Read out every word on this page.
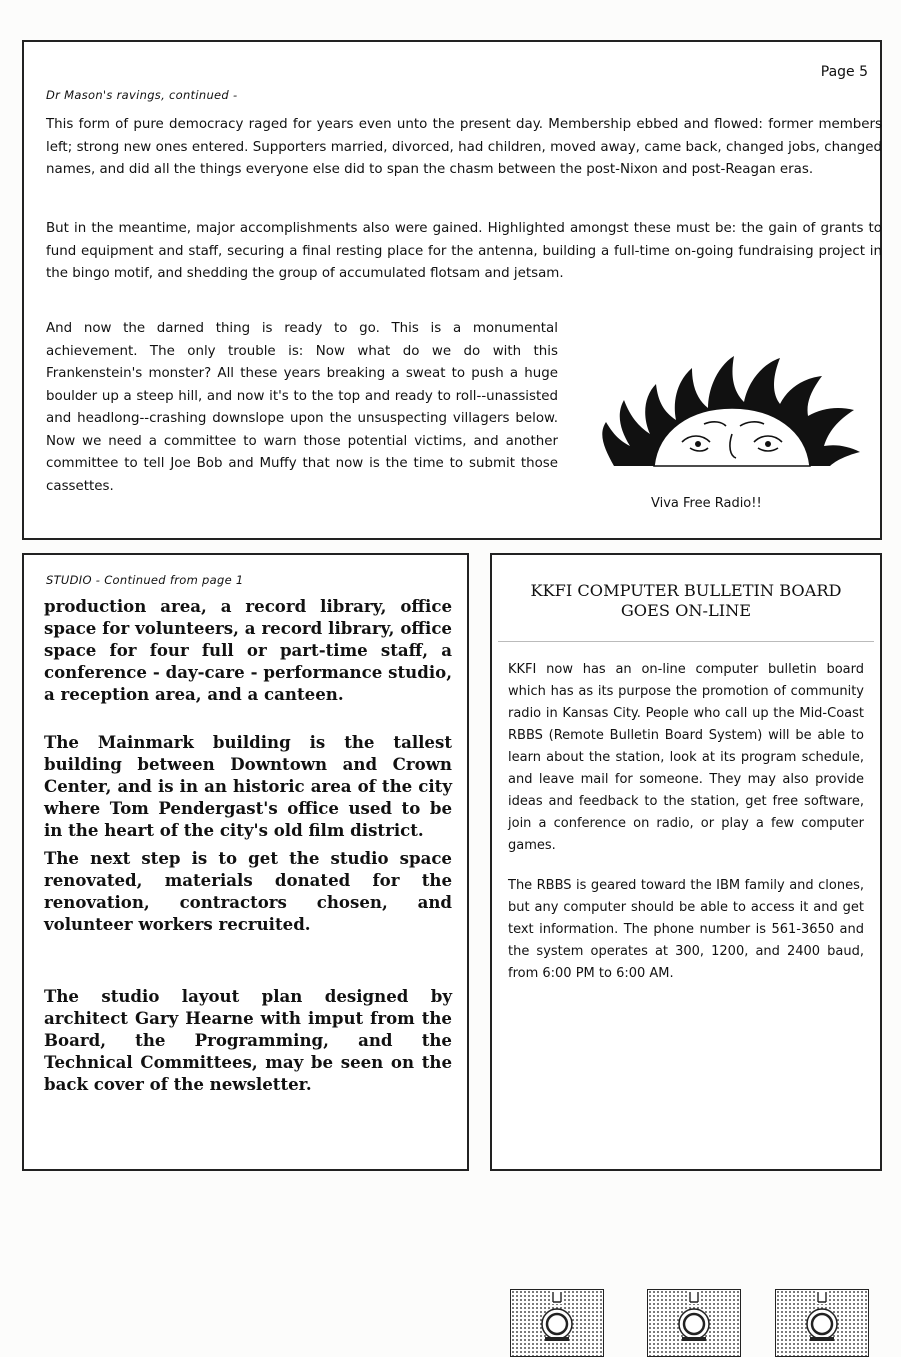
Page 5
Dr Mason's ravings, continued -

This form of pure democracy raged for years even unto the present day. Membership ebbed and flowed: former members left; strong new ones entered. Supporters married, divorced, had children, moved away, came back, changed jobs, changed names, and did all the things everyone else did to span the chasm between the post-Nixon and post-Reagan eras.

But in the meantime, major accomplishments also were gained. Highlighted amongst these must be: the gain of grants to fund equipment and staff, securing a final resting place for the antenna, building a full-time on-going fundraising project in the bingo motif, and shedding the group of accumulated flotsam and jetsam.

And now the darned thing is ready to go. This is a monumental achievement. The only trouble is: Now what do we do with this Frankenstein's monster? All these years breaking a sweat to push a huge boulder up a steep hill, and now it's to the top and ready to roll--unassisted and headlong--crashing downslope upon the unsuspecting villagers below. Now we need a committee to warn those potential victims, and another committee to tell Joe Bob and Muffy that now is the time to submit those cassettes.

Viva Free Radio!!
STUDIO - Continued from page 1

production area, a record library, office space for volunteers, a record library, office space for four full or part-time staff, a conference - day-care - performance studio, a reception area, and a canteen.

The Mainmark building is the tallest building between Downtown and Crown Center, and is in an historic area of the city where Tom Pendergast's office used to be in the heart of the city's old film district.

The next step is to get the studio space renovated, materials donated for the renovation, contractors chosen, and volunteer workers recruited.

The studio layout plan designed by architect Gary Hearne with imput from the Board, the Programming, and the Technical Committees, may be seen on the back cover of the newsletter.

KKFI COMPUTER BULLETIN BOARD
GOES ON-LINE

KKFI now has an on-line computer bulletin board which has as its purpose the promotion of community radio in Kansas City. People who call up the Mid-Coast RBBS (Remote Bulletin Board System) will be able to learn about the station, look at its program schedule, and leave mail for someone. They may also provide ideas and feedback to the station, get free software, join a conference on radio, or play a few computer games.

The RBBS is geared toward the IBM family and clones, but any computer should be able to access it and get text information. The phone number is 561-3650 and the system operates at 300, 1200, and 2400 baud, from 6:00 PM to 6:00 AM.
